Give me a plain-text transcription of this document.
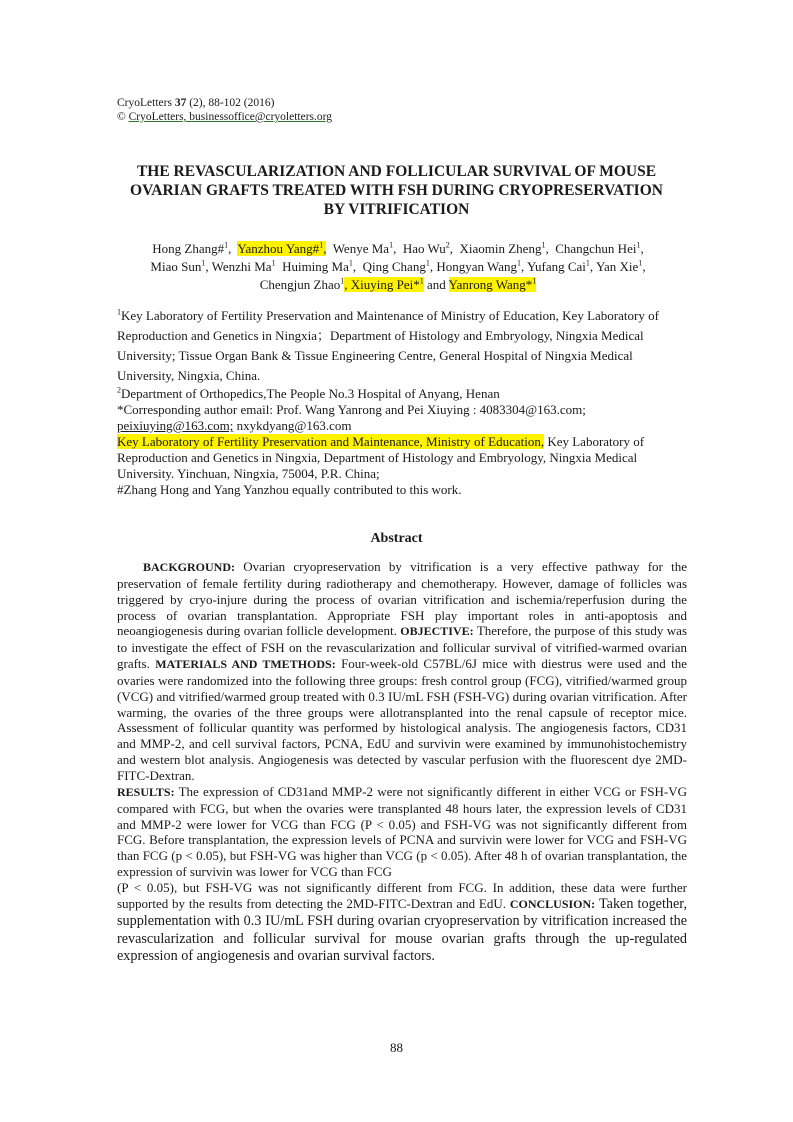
CryoLetters 37 (2), 88-102 (2016)
© CryoLetters, businessoffice@cryoletters.org
THE REVASCULARIZATION AND FOLLICULAR SURVIVAL OF MOUSE
OVARIAN GRAFTS TREATED WITH FSH DURING CRYOPRESERVATION
BY VITRIFICATION
Hong Zhang#$^1$,  Yanzhou Yang#$^1$, Wenye Ma$^1$,  Hao Wu$^2$,  Xiaomin Zheng$^1$,  Changchun Hei$^1$,
Miao Sun$^1$, Wenzhi Ma$^1$ Huiming Ma$^1$,  Qing Chang$^1$, Hongyan Wang$^1$, Yufang Cai$^1$, Yan Xie$^1$,
Chengjun Zhao$^1$, Xiuying Pei*$^1$ and Yanrong Wang*$^1$

$^1$Key Laboratory of Fertility Preservation and Maintenance of Ministry of Education, Key Laboratory of Reproduction and Genetics in Ningxia；Department of Histology and Embryology, Ningxia Medical University; Tissue Organ Bank & Tissue Engineering Centre, General Hospital of Ningxia Medical University, Ningxia, China.

$^2$Department of Orthopedics,The People No.3 Hospital of Anyang, Henan

*Corresponding author email: Prof. Wang Yanrong and Pei Xiuying : 4083304@163.com;
peixiuying@163.com; nxykdyang@163.com

Key Laboratory of Fertility Preservation and Maintenance, Ministry of Education, Key Laboratory of Reproduction and Genetics in Ningxia, Department of Histology and Embryology, Ningxia Medical University. Yinchuan, Ningxia, 75004, P.R. China;

#Zhang Hong and Yang Yanzhou equally contributed to this work.

Abstract

BACKGROUND: Ovarian cryopreservation by vitrification is a very effective pathway for the preservation of female fertility during radiotherapy and chemotherapy. However, damage of follicles was triggered by cryo-injure during the process of ovarian vitrification and ischemia/reperfusion during the process of ovarian transplantation. Appropriate FSH play important roles in anti-apoptosis and neoangiogenesis during ovarian follicle development. OBJECTIVE: Therefore, the purpose of this study was to investigate the effect of FSH on the revascularization and follicular survival of vitrified-warmed ovarian grafts. MATERIALS AND TMETHODS: Four-week-old C57BL/6J mice with diestrus were used and the ovaries were randomized into the following three groups: fresh control group (FCG), vitrified/warmed group (VCG) and vitrified/warmed group treated with 0.3 IU/mL FSH (FSH-VG) during ovarian vitrification. After warming, the ovaries of the three groups were allotransplanted into the renal capsule of receptor mice. Assessment of follicular quantity was performed by histological analysis. The angiogenesis factors, CD31 and MMP-2, and cell survival factors, PCNA, EdU and survivin were examined by immunohistochemistry and western blot analysis. Angiogenesis was detected by vascular perfusion with the fluorescent dye 2MD-FITC-Dextran.
RESULTS: The expression of CD31and MMP-2 were not significantly different in either VCG or FSH-VG compared with FCG, but when the ovaries were transplanted 48 hours later, the expression levels of CD31 and MMP-2 were lower for VCG than FCG (P < 0.05) and FSH-VG was not significantly different from FCG. Before transplantation, the expression levels of PCNA and survivin were lower for VCG and FSH-VG than FCG (p < 0.05), but FSH-VG was higher than VCG (p < 0.05). After 48 h of ovarian transplantation, the expression of survivin was lower for VCG than FCG

(P < 0.05), but FSH-VG was not significantly different from FCG. In addition, these data were further supported by the results from detecting the 2MD-FITC-Dextran and EdU. CONCLUSION: Taken together, supplementation with 0.3 IU/mL FSH during ovarian cryopreservation by vitrification increased the revascularization and follicular survival for mouse ovarian grafts through the up-regulated expression of angiogenesis and ovarian survival factors.

88
